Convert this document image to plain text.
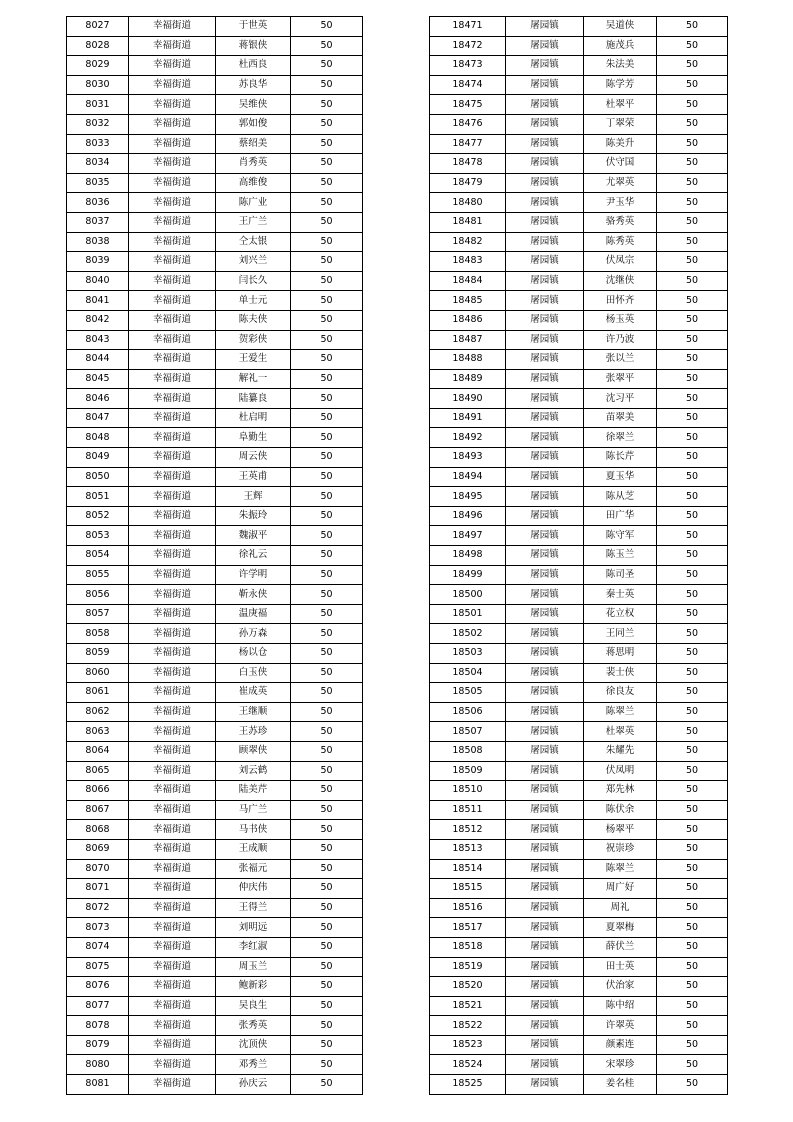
8027	幸福街道	于世英	50
8028	幸福街道	蒋银侠	50
8029	幸福街道	杜西良	50
8030	幸福街道	苏良华	50
8031	幸福街道	吴维侠	50
8032	幸福街道	郭如俊	50
8033	幸福街道	蔡绍美	50
8034	幸福街道	肖秀英	50
8035	幸福街道	高维俊	50
8036	幸福街道	陈广业	50
8037	幸福街道	王广兰	50
8038	幸福街道	仝太银	50
8039	幸福街道	刘兴兰	50
8040	幸福街道	闫长久	50
8041	幸福街道	单士元	50
8042	幸福街道	陈夫侠	50
8043	幸福街道	贺彩侠	50
8044	幸福街道	王爱生	50
8045	幸福街道	解礼一	50
8046	幸福街道	陆纂良	50
8047	幸福街道	杜启明	50
8048	幸福街道	阜勤生	50
8049	幸福街道	周云侠	50
8050	幸福街道	王英甫	50
8051	幸福街道	王辉	50
8052	幸福街道	朱振玲	50
8053	幸福街道	魏淑平	50
8054	幸福街道	徐礼云	50
8055	幸福街道	许学明	50
8056	幸福街道	靳永侠	50
8057	幸福街道	温庚福	50
8058	幸福街道	孙万森	50
8059	幸福街道	杨以仓	50
8060	幸福街道	白玉侠	50
8061	幸福街道	崔成英	50
8062	幸福街道	王继顺	50
8063	幸福街道	王苏珍	50
8064	幸福街道	顾翠侠	50
8065	幸福街道	刘云鹤	50
8066	幸福街道	陆美芹	50
8067	幸福街道	马广兰	50
8068	幸福街道	马书侠	50
8069	幸福街道	王成顺	50
8070	幸福街道	张福元	50
8071	幸福街道	仲庆伟	50
8072	幸福街道	王得兰	50
8073	幸福街道	刘明远	50
8074	幸福街道	李红淑	50
8075	幸福街道	周玉兰	50
8076	幸福街道	鲍新彩	50
8077	幸福街道	吴良生	50
8078	幸福街道	张秀英	50
8079	幸福街道	沈顶侠	50
8080	幸福街道	邓秀兰	50
8081	幸福街道	孙庆云	50
18471	屠园镇	吴道侠	50
18472	屠园镇	施茂兵	50
18473	屠园镇	朱法美	50
18474	屠园镇	陈学芳	50
18475	屠园镇	杜翠平	50
18476	屠园镇	丁翠荣	50
18477	屠园镇	陈美升	50
18478	屠园镇	伏守国	50
18479	屠园镇	尤翠英	50
18480	屠园镇	尹玉华	50
18481	屠园镇	骆秀英	50
18482	屠园镇	陈秀英	50
18483	屠园镇	伏凤宗	50
18484	屠园镇	沈继侠	50
18485	屠园镇	田怀齐	50
18486	屠园镇	杨玉英	50
18487	屠园镇	许乃波	50
18488	屠园镇	张以兰	50
18489	屠园镇	张翠平	50
18490	屠园镇	沈习平	50
18491	屠园镇	苗翠美	50
18492	屠园镇	徐翠兰	50
18493	屠园镇	陈长芹	50
18494	屠园镇	夏玉华	50
18495	屠园镇	陈从芝	50
18496	屠园镇	田广华	50
18497	屠园镇	陈守军	50
18498	屠园镇	陈玉兰	50
18499	屠园镇	陈司圣	50
18500	屠园镇	秦士英	50
18501	屠园镇	花立权	50
18502	屠园镇	王同兰	50
18503	屠园镇	蒋思明	50
18504	屠园镇	裴士侠	50
18505	屠园镇	徐良友	50
18506	屠园镇	陈翠兰	50
18507	屠园镇	杜翠英	50
18508	屠园镇	朱耀先	50
18509	屠园镇	伏凤明	50
18510	屠园镇	郑先林	50
18511	屠园镇	陈伏余	50
18512	屠园镇	杨翠平	50
18513	屠园镇	祝崇珍	50
18514	屠园镇	陈翠兰	50
18515	屠园镇	周广好	50
18516	屠园镇	周礼	50
18517	屠园镇	夏翠梅	50
18518	屠园镇	薛伏兰	50
18519	屠园镇	田士英	50
18520	屠园镇	伏治家	50
18521	屠园镇	陈中绍	50
18522	屠园镇	许翠英	50
18523	屠园镇	颜素连	50
18524	屠园镇	宋翠珍	50
18525	屠园镇	姜名桂	50
